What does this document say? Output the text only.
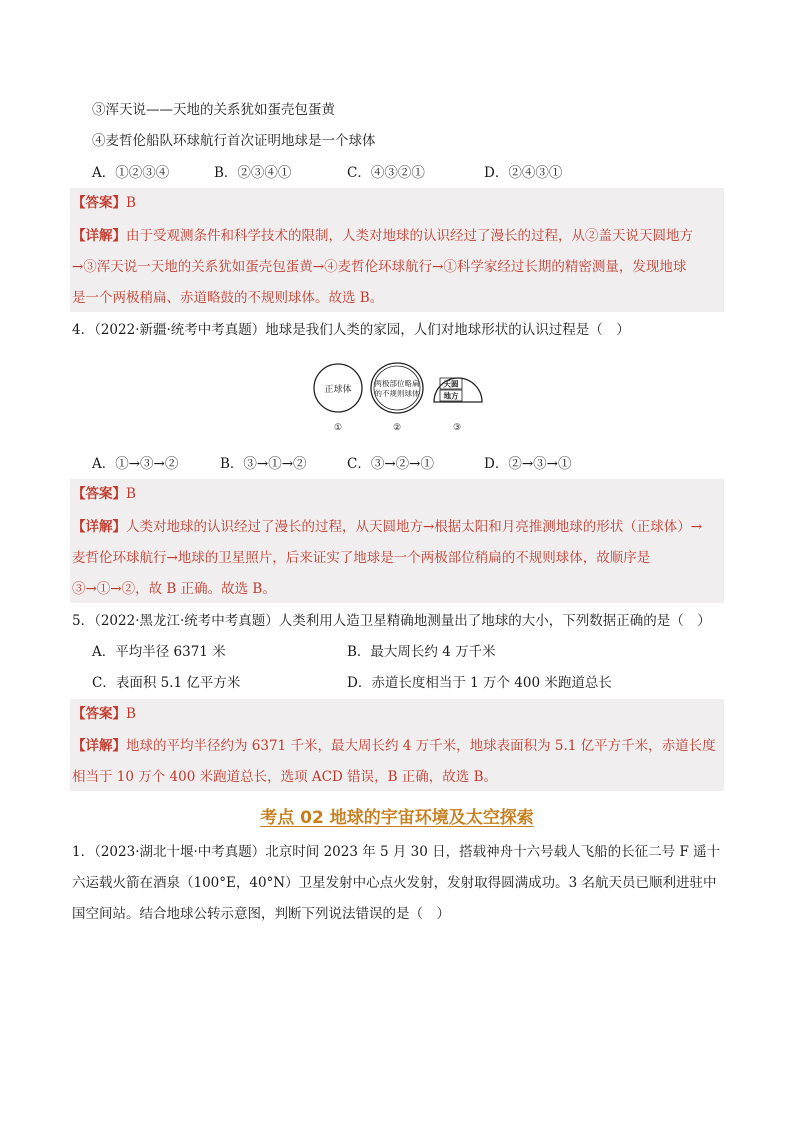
③浑天说——天地的关系犹如蛋壳包蛋黄
④麦哲伦船队环球航行首次证明地球是一个球体
A．①②③④	B．②③④①	C．④③②①	D．②④③①
【答案】B
【详解】由于受观测条件和科学技术的限制，人类对地球的认识经过了漫长的过程，从②盖天说天圆地方
→③浑天说一天地的关系犹如蛋壳包蛋黄→④麦哲伦环球航行→①科学家经过长期的精密测量，发现地球
是一个两极稍扁、赤道略鼓的不规则球体。故选 B。
4．（2022·新疆·统考中考真题）地球是我们人类的家园，人们对地球形状的认识过程是（　）
正球体
两极部位略扁
的不规则球体
天圆
地方
①	②	③
A．①→③→②	B．③→①→②	C．③→②→①	D．②→③→①
【答案】B
【详解】人类对地球的认识经过了漫长的过程，从天圆地方→根据太阳和月亮推测地球的形状（正球体）→
麦哲伦环球航行→地球的卫星照片，后来证实了地球是一个两极部位稍扁的不规则球体，故顺序是
③→①→②，故 B 正确。故选 B。
5．（2022·黑龙江·统考中考真题）人类利用人造卫星精确地测量出了地球的大小，下列数据正确的是（　）
A．平均半径 6371 米	B．最大周长约 4 万千米
C．表面积 5.1 亿平方米	D．赤道长度相当于 1 万个 400 米跑道总长
【答案】B
【详解】地球的平均半径约为 6371 千米，最大周长约 4 万千米，地球表面积为 5.1 亿平方千米，赤道长度
相当于 10 万个 400 米跑道总长，选项 ACD 错误，B 正确，故选 B。
考点 02 地球的宇宙环境及太空探索
1．（2023·湖北十堰·中考真题）北京时间 2023 年 5 月 30 日，搭载神舟十六号载人飞船的长征二号 F 遥十
六运载火箭在酒泉（100°E，40°N）卫星发射中心点火发射，发射取得圆满成功。3 名航天员已顺利进驻中
国空间站。结合地球公转示意图，判断下列说法错误的是（　）
